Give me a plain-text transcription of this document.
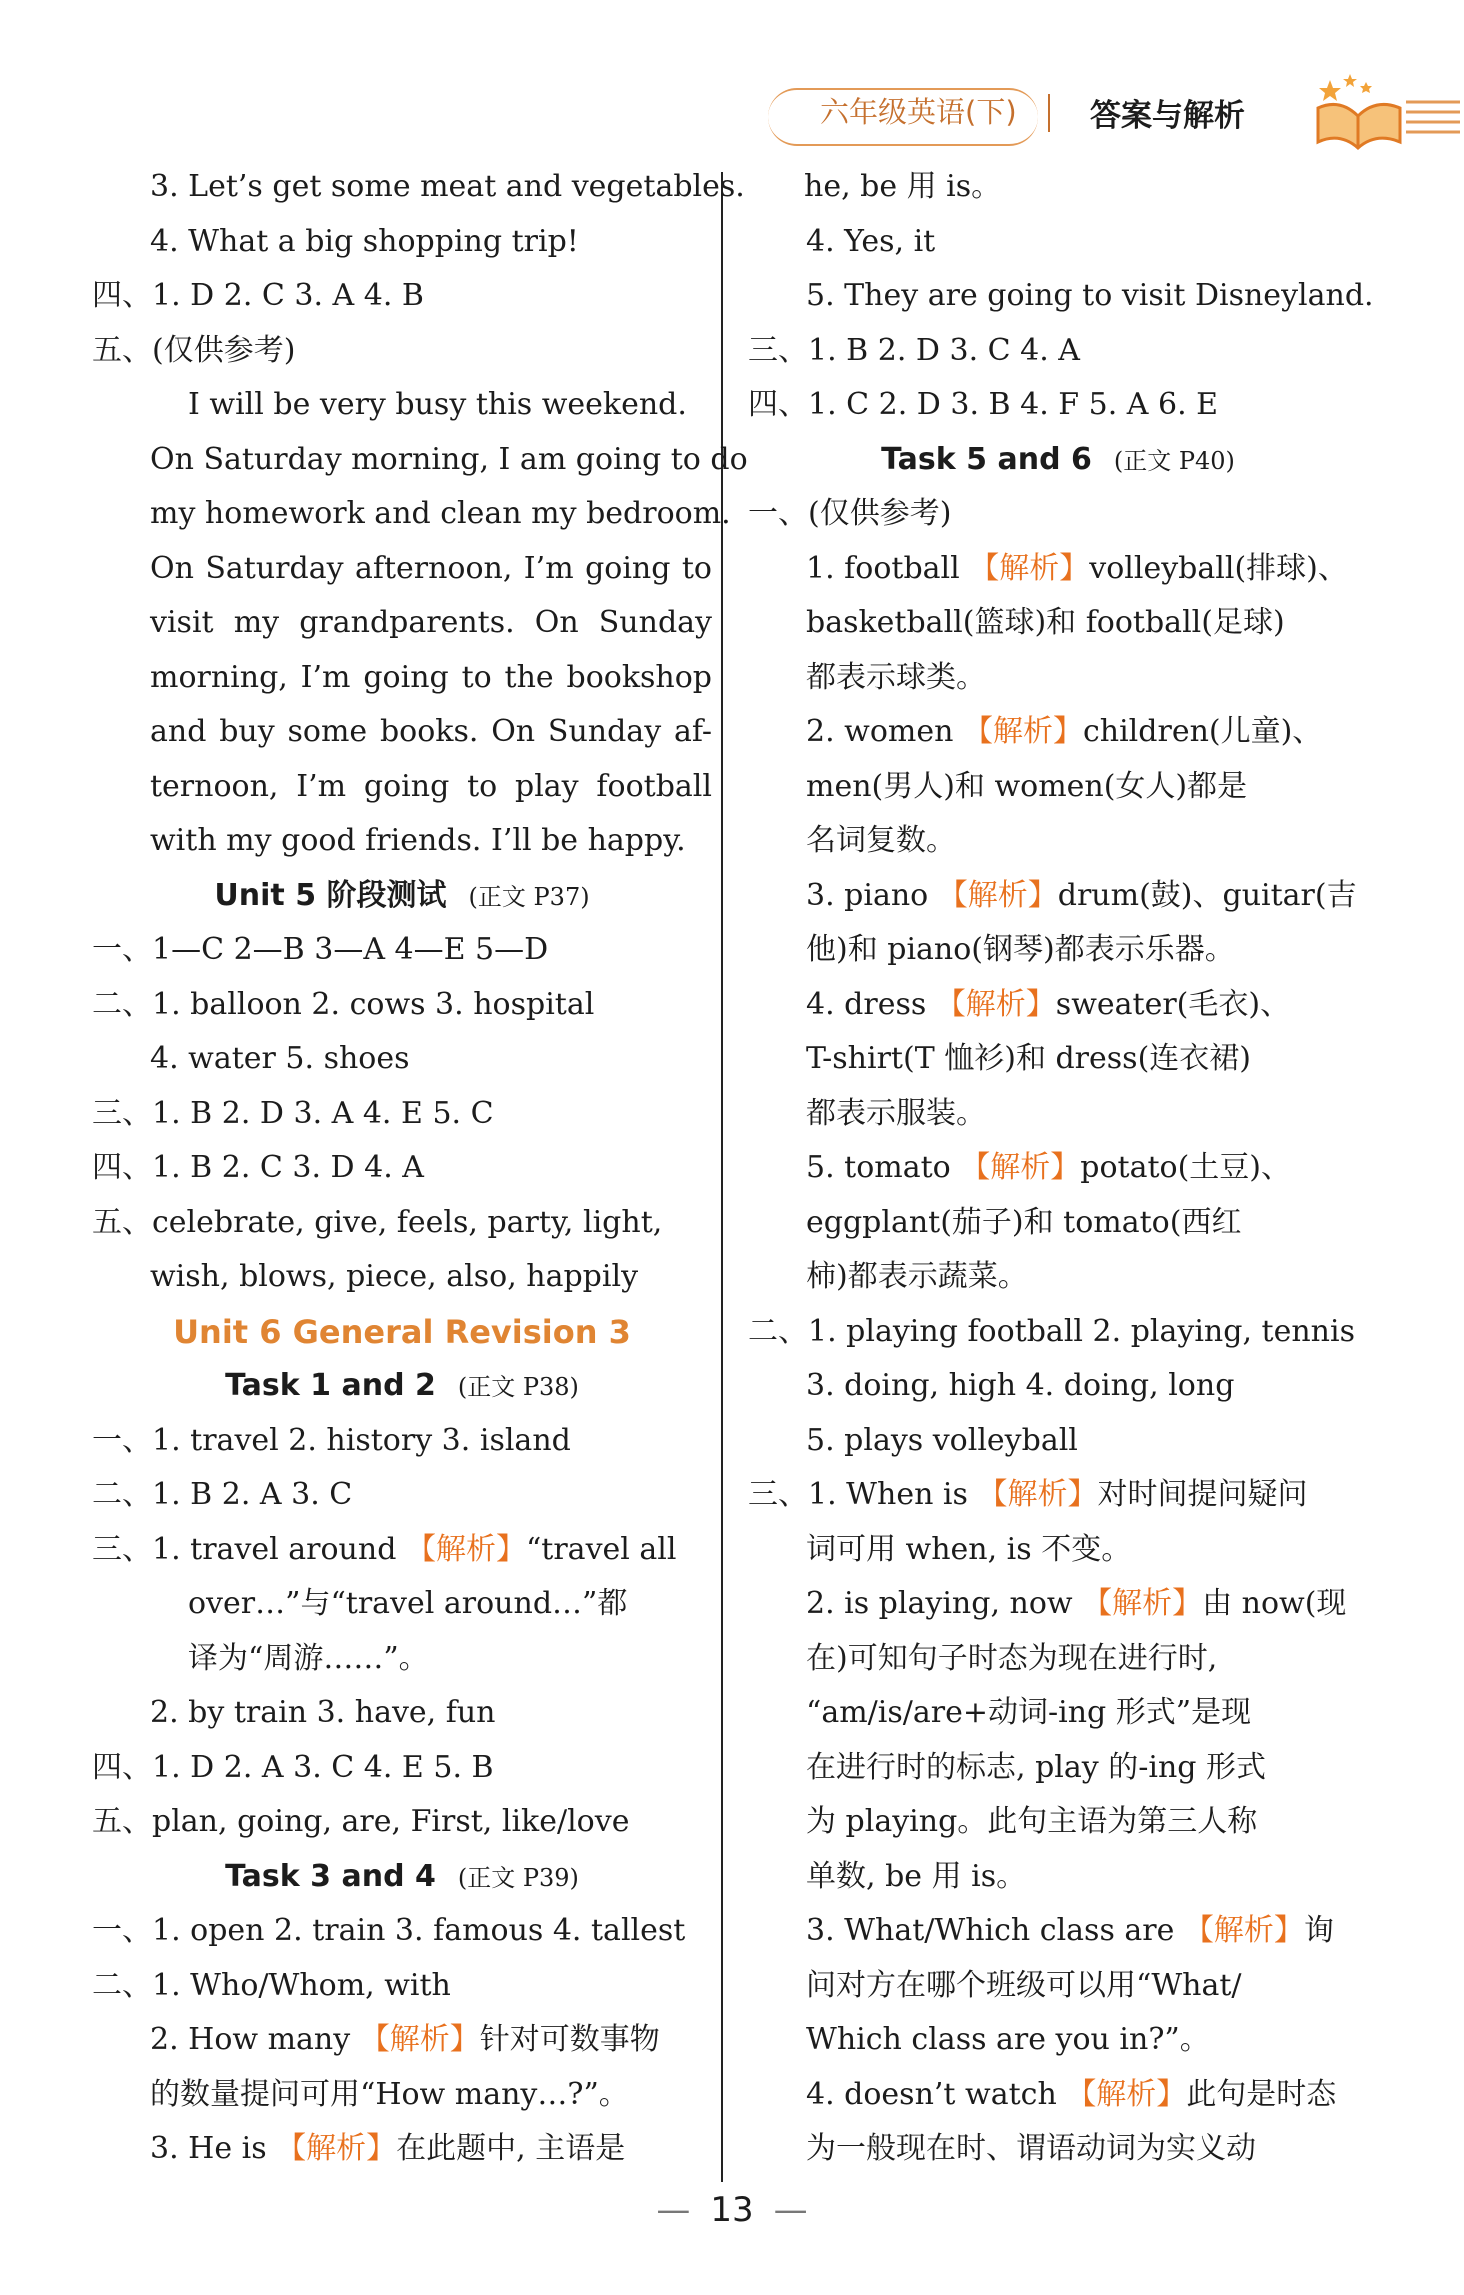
六年级英语(下) 答案与解析
3. Let’s get some meat and vegetables.
4. What a big shopping trip!
四、1. D 2. C 3. A 4. B
五、(仅供参考)
I will be very busy this weekend.
On Saturday morning, I am going to do
my homework and clean my bedroom.
On Saturday afternoon, I’m going to
visit my grandparents. On Sunday
morning, I’m going to the bookshop
and buy some books. On Sunday af-
ternoon, I’m going to play football
with my good friends. I’ll be happy.
Unit 5 阶段测试 (正文 P37)
一、1—C 2—B 3—A 4—E 5—D
二、1. balloon 2. cows 3. hospital
4. water 5. shoes
三、1. B 2. D 3. A 4. E 5. C
四、1. B 2. C 3. D 4. A
五、celebrate, give, feels, party, light,
wish, blows, piece, also, happily
Unit 6 General Revision 3
Task 1 and 2 (正文 P38)
一、1. travel 2. history 3. island
二、1. B 2. A 3. C
三、1. travel around 【解析】“travel all
over…”与“travel around…”都
译为“周游……”。
2. by train 3. have, fun
四、1. D 2. A 3. C 4. E 5. B
五、plan, going, are, First, like/love
Task 3 and 4 (正文 P39)
一、1. open 2. train 3. famous 4. tallest
二、1. Who/Whom, with
2. How many 【解析】针对可数事物
的数量提问可用“How many…?”。
3. He is 【解析】在此题中, 主语是
he, be 用 is。
4. Yes, it
5. They are going to visit Disneyland.
三、1. B 2. D 3. C 4. A
四、1. C 2. D 3. B 4. F 5. A 6. E
Task 5 and 6 (正文 P40)
一、(仅供参考)
1. football 【解析】volleyball(排球)、
basketball(篮球)和 football(足球)
都表示球类。
2. women 【解析】children(儿童)、
men(男人)和 women(女人)都是
名词复数。
3. piano 【解析】drum(鼓)、guitar(吉
他)和 piano(钢琴)都表示乐器。
4. dress 【解析】sweater(毛衣)、
T-shirt(T 恤衫)和 dress(连衣裙)
都表示服装。
5. tomato 【解析】potato(土豆)、
eggplant(茄子)和 tomato(西红
柿)都表示蔬菜。
二、1. playing football 2. playing, tennis
3. doing, high 4. doing, long
5. plays volleyball
三、1. When is 【解析】对时间提问疑问
词可用 when, is 不变。
2. is playing, now 【解析】由 now(现
在)可知句子时态为现在进行时,
“am/is/are+动词-ing 形式”是现
在进行时的标志, play 的-ing 形式
为 playing。此句主语为第三人称
单数, be 用 is。
3. What/Which class are 【解析】询
问对方在哪个班级可以用“What/
Which class are you in?”。
4. doesn’t watch 【解析】此句是时态
为一般现在时、谓语动词为实义动
— 13 —
